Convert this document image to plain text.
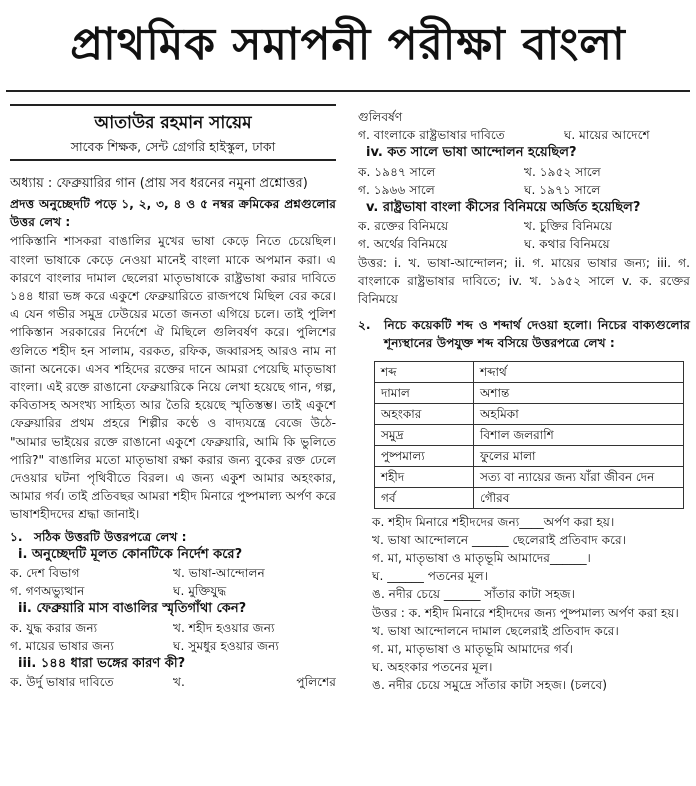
প্রাথমিক সমাপনী পরীক্ষা বাংলা

আতাউর রহমান সায়েম

সাবেক শিক্ষক, সেন্ট গ্রেগরি হাইস্কুল, ঢাকা

অধ্যায় : ফেব্রুয়ারির গান (প্রায় সব ধরনের নমুনা প্রশ্নোত্তর)

প্রদত্ত অনুচ্ছেদটি পড়ে ১, ২, ৩, ৪ ও ৫ নম্বর ক্রমিকের প্রশ্নগুলোর উত্তর লেখ :

পাকিস্তানি শাসকরা বাঙালির মুখের ভাষা কেড়ে নিতে চেয়েছিল। বাংলা ভাষাকে কেড়ে নেওয়া মানেই বাংলা মাকে অপমান করা। এ কারণে বাংলার দামাল ছেলেরা মাতৃভাষাকে রাষ্ট্রভাষা করার দাবিতে ১৪৪ ধারা ভঙ্গ করে একুশে ফেব্রুয়ারিতে রাজপথে মিছিল বের করে। এ যেন গভীর সমুদ্র ঢেউয়ের মতো জনতা এগিয়ে চলে। তাই পুলিশ পাকিস্তান সরকারের নির্দেশে ঐ মিছিলে গুলিবর্ষণ করে। পুলিশের গুলিতে শহীদ হন সালাম, বরকত, রফিক, জব্বারসহ আরও নাম না জানা অনেকে। এসব শহিদের রক্তের দানে আমরা পেয়েছি মাতৃভাষা বাংলা। এই রক্তে রাঙানো ফেব্রুয়ারিকে নিয়ে লেখা হয়েছে গান, গল্প, কবিতাসহ অসংখ্য সাহিত্য আর তৈরি হয়েছে স্মৃতিস্তম্ভ। তাই একুশে ফেব্রুয়ারির প্রথম প্রহরে শিল্পীর কণ্ঠে ও বাদ্যযন্ত্রে বেজে উঠে- "আমার ভাইয়ের রক্তে রাঙানো একুশে ফেব্রুয়ারি, আমি কি ভুলিতে পারি?" বাঙালির মতো মাতৃভাষা রক্ষা করার জন্য বুকের রক্ত ঢেলে দেওয়ার ঘটনা পৃথিবীতে বিরল। এ জন্য একুশ আমার অহংকার, আমার গর্ব। তাই প্রতিবছর আমরা শহীদ মিনারে পুষ্পমাল্য অর্পণ করে ভাষাশহীদদের শ্রদ্ধা জানাই।

১. সঠিক উত্তরটি উত্তরপত্রে লেখ :

i. অনুচ্ছেদটি মূলত কোনটিকে নির্দেশ করে?

ক. দেশ বিভাগ	খ. ভাষা-আন্দোলন
গ. গণঅভ্যুত্থান	ঘ. মুক্তিযুদ্ধ

ii. ফেব্রুয়ারি মাস বাঙালির স্মৃতিগাঁথা কেন?

ক. যুদ্ধ করার জন্য	খ. শহীদ হওয়ার জন্য
গ. মায়ের ভাষার জন্য	ঘ. সুমধুর হওয়ার জন্য

iii. ১৪৪ ধারা ভঙ্গের কারণ কী?

ক. উর্দু ভাষার দাবিতে	খ. পুলিশের

গুলিবর্ষণ

গ. বাংলাকে রাষ্ট্রভাষার দাবিতে	ঘ. মায়ের আদেশে

iv. কত সালে ভাষা আন্দোলন হয়েছিল?

ক. ১৯৪৭ সালে	খ. ১৯৫২ সালে
গ. ১৯৬৬ সালে	ঘ. ১৯৭১ সালে

v. রাষ্ট্রভাষা বাংলা কীসের বিনিময়ে অর্জিত হয়েছিল?

ক. রক্তের বিনিময়ে	খ. চুক্তির বিনিময়ে
গ. অর্থের বিনিময়ে	ঘ. কথার বিনিময়ে

উত্তর: i. খ. ভাষা-আন্দোলন; ii. গ. মায়ের ভাষার জন্য; iii. গ. বাংলাকে রাষ্ট্রভাষার দাবিতে; iv. খ. ১৯৫২ সালে v. ক. রক্তের বিনিময়ে

২.	নিচে কয়েকটি শব্দ ও শব্দার্থ দেওয়া হলো। নিচের বাক্যগুলোর শূন্যস্থানের উপযুক্ত শব্দ বসিয়ে উত্তরপত্রে লেখ :
শব্দ	শব্দার্থ
দামাল	অশান্ত
অহংকার	অহমিকা
সমুদ্র	বিশাল জলরাশি
পুষ্পমাল্য	ফুলের মালা
শহীদ	সত্য বা ন্যায়ের জন্য যাঁরা জীবন দেন
গর্ব	গৌরব

ক. শহীদ মিনারে শহীদদের জন্য____অর্পণ করা হয়।

খ. ভাষা আন্দোলনে ______ ছেলেরাই প্রতিবাদ করে।

গ. মা, মাতৃভাষা ও মাতৃভূমি আমাদের______।

ঘ. ______ পতনের মূল।

ঙ. নদীর চেয়ে ______ সাঁতার কাটা সহজ।

উত্তর : ক. শহীদ মিনারে শহীদদের জন্য পুষ্পমাল্য অর্পণ করা হয়।

খ. ভাষা আন্দোলনে দামাল ছেলেরাই প্রতিবাদ করে।

গ. মা, মাতৃভাষা ও মাতৃভূমি আমাদের গর্ব।

ঘ. অহংকার পতনের মূল।

ঙ. নদীর চেয়ে সমুদ্রে সাঁতার কাটা সহজ। (চলবে)
